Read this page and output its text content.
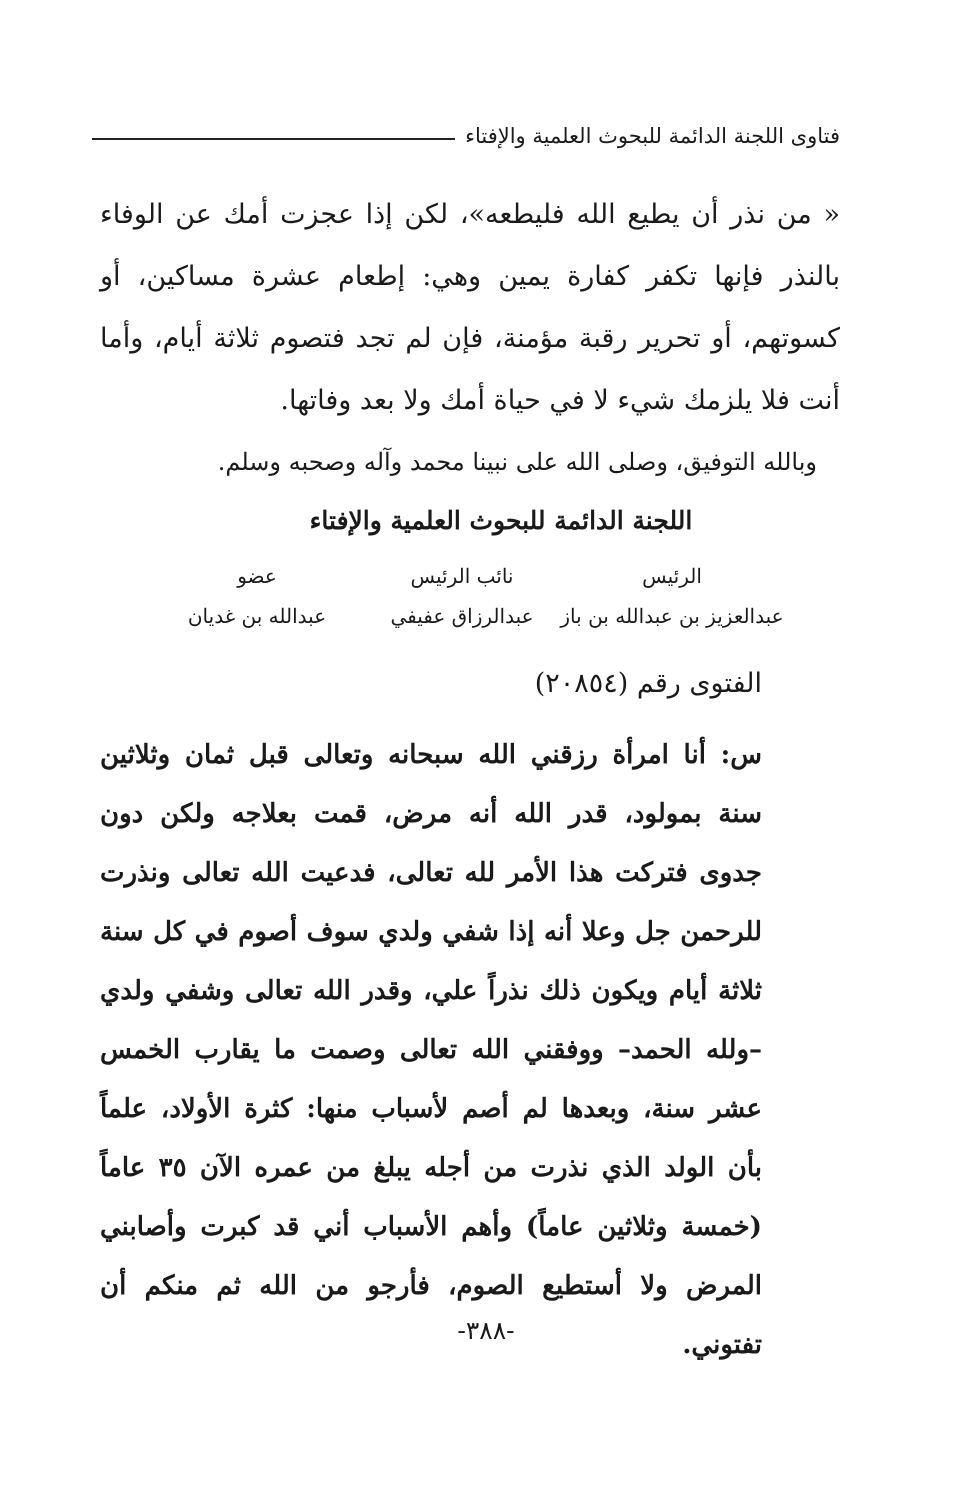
فتاوى اللجنة الدائمة للبحوث العلمية والإفتاء

« من نذر أن يطيع الله فليطعه»، لكن إذا عجزت أمك عن الوفاء بالنذر فإنها تكفر كفارة يمين وهي: إطعام عشرة مساكين، أو كسوتهم، أو تحرير رقبة مؤمنة، فإن لم تجد فتصوم ثلاثة أيام، وأما أنت فلا يلزمك شيء لا في حياة أمك ولا بعد وفاتها.

وبالله التوفيق، وصلى الله على نبينا محمد وآله وصحبه وسلم.

اللجنة الدائمة للبحوث العلمية والإفتاء
الرئيس
عبدالعزيز بن عبدالله بن باز
نائب الرئيس
عبدالرزاق عفيفي
عضو
عبدالله بن غديان
الفتوى رقم (٢٠٨٥٤)

س: أنا امرأة رزقني الله سبحانه وتعالى قبل ثمان وثلاثين سنة بمولود، قدر الله أنه مرض، قمت بعلاجه ولكن دون جدوى فتركت هذا الأمر لله تعالى، فدعيت الله تعالى ونذرت للرحمن جل وعلا أنه إذا شفي ولدي سوف أصوم في كل سنة ثلاثة أيام ويكون ذلك نذراً علي، وقدر الله تعالى وشفي ولدي –ولله الحمد– ووفقني الله تعالى وصمت ما يقارب الخمس عشر سنة، وبعدها لم أصم لأسباب منها: كثرة الأولاد، علماً بأن الولد الذي نذرت من أجله يبلغ من عمره الآن ٣٥ عاماً (خمسة وثلاثين عاماً) وأهم الأسباب أني قد كبرت وأصابني المرض ولا أستطيع الصوم، فأرجو من الله ثم منكم أن تفتوني.

-٣٨٨-
